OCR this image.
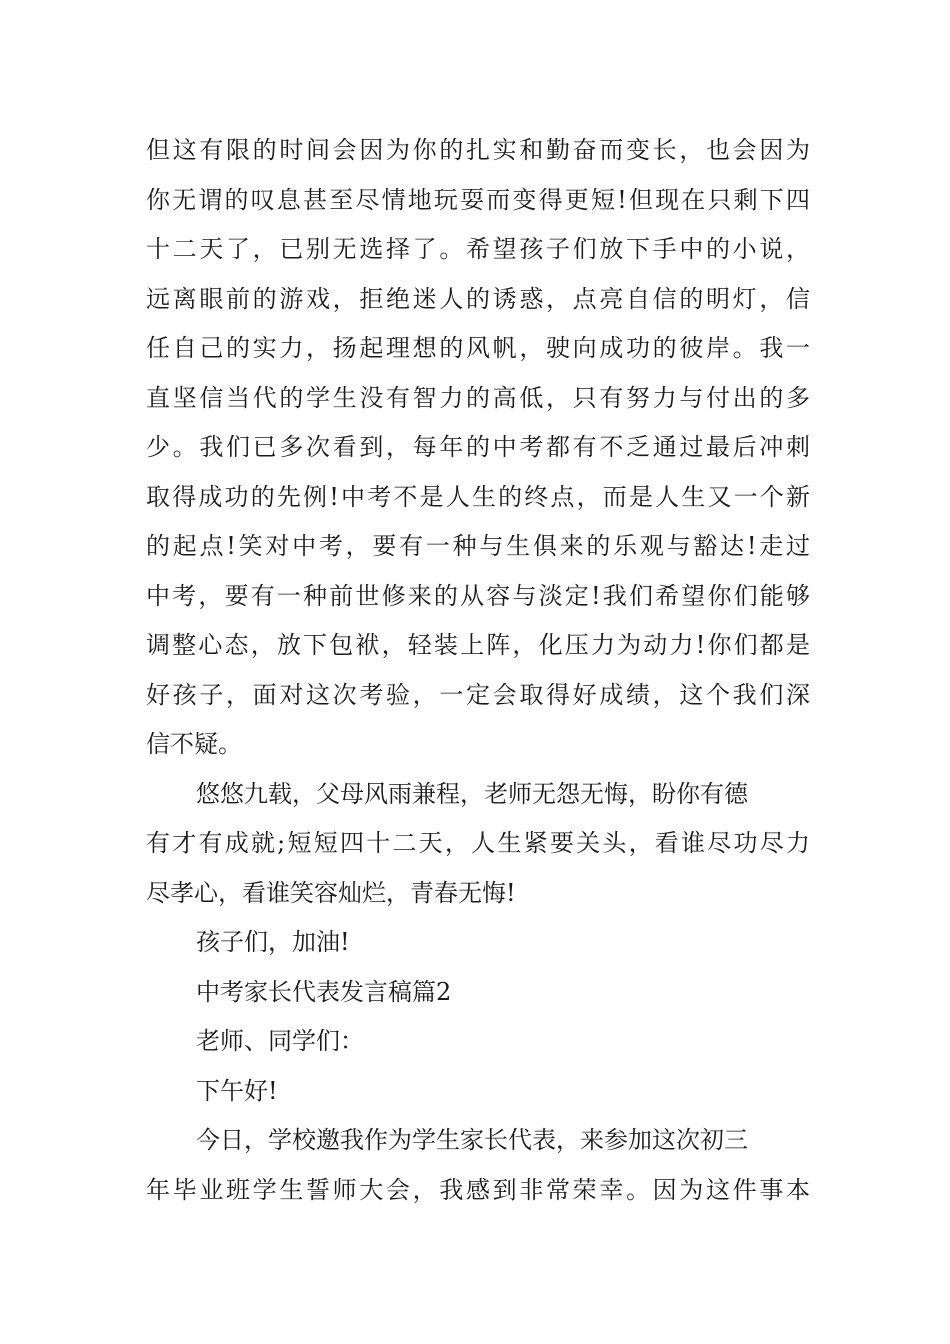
但这有限的时间会因为你的扎实和勤奋而变长，也会因为
你无谓的叹息甚至尽情地玩耍而变得更短!但现在只剩下四
十二天了，已别无选择了。希望孩子们放下手中的小说，
远离眼前的游戏，拒绝迷人的诱惑，点亮自信的明灯，信
任自己的实力，扬起理想的风帆，驶向成功的彼岸。我一
直坚信当代的学生没有智力的高低，只有努力与付出的多
少。我们已多次看到，每年的中考都有不乏通过最后冲刺
取得成功的先例!中考不是人生的终点，而是人生又一个新
的起点!笑对中考，要有一种与生俱来的乐观与豁达!走过
中考，要有一种前世修来的从容与淡定!我们希望你们能够
调整心态，放下包袱，轻装上阵，化压力为动力!你们都是
好孩子，面对这次考验，一定会取得好成绩，这个我们深
信不疑。
悠悠九载，父母风雨兼程，老师无怨无悔，盼你有德
有才有成就;短短四十二天，人生紧要关头，看谁尽功尽力
尽孝心，看谁笑容灿烂，青春无悔!
孩子们，加油!
中考家长代表发言稿篇2
老师、同学们：
下午好!
今日，学校邀我作为学生家长代表，来参加这次初三
年毕业班学生誓师大会，我感到非常荣幸。因为这件事本
